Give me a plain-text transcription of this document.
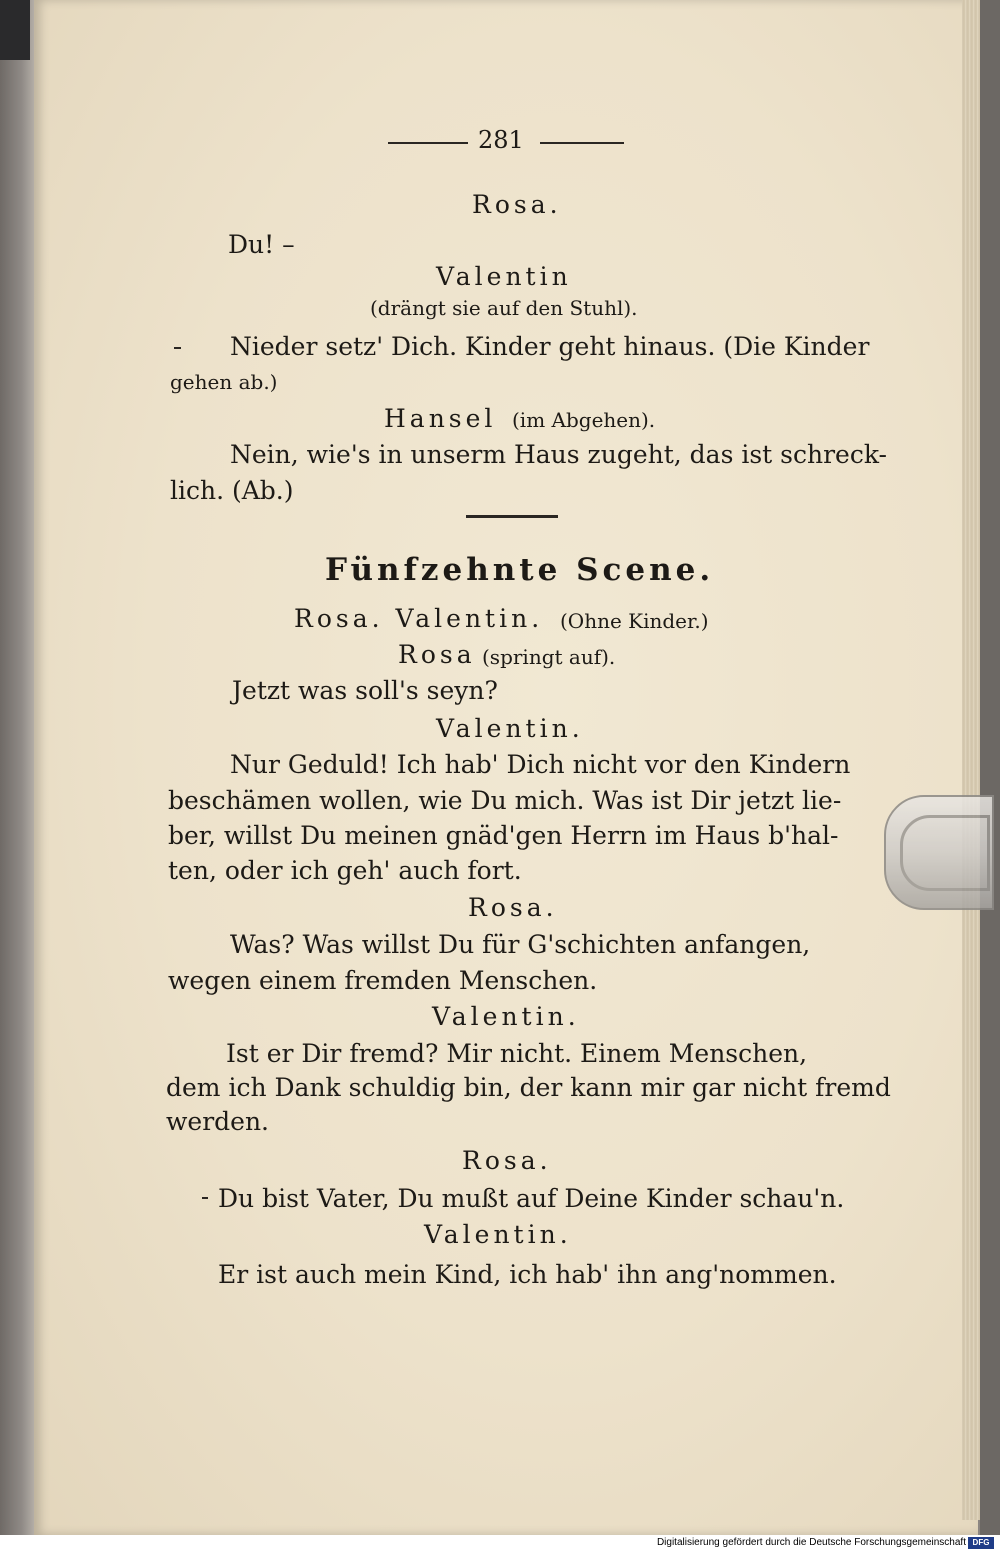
281
Rosa.
Du! –
Valentin
(drängt sie auf den Stuhl).
Nieder setz' Dich. Kinder geht hinaus. (Die Kinder
gehen ab.)
Hansel (im Abgehen).
Nein, wie's in unserm Haus zugeht, das ist schreck-
lich. (Ab.)
Fünfzehnte Scene.
Rosa. Valentin. (Ohne Kinder.)
Rosa (springt auf).
Jetzt was soll's seyn?
Valentin.
Nur Geduld! Ich hab' Dich nicht vor den Kindern
beschämen wollen, wie Du mich. Was ist Dir jetzt lie-
ber, willst Du meinen gnäd'gen Herrn im Haus b'hal-
ten, oder ich geh' auch fort.
Rosa.
Was? Was willst Du für G'schichten anfangen,
wegen einem fremden Menschen.
Valentin.
Ist er Dir fremd? Mir nicht. Einem Menschen,
dem ich Dank schuldig bin, der kann mir gar nicht fremd
werden.
Rosa.
Du bist Vater, Du mußt auf Deine Kinder schau'n.
Valentin.
Er ist auch mein Kind, ich hab' ihn ang'nommen.
Digitalisierung gefördert durch die Deutsche Forschungsgemeinschaft DFG
